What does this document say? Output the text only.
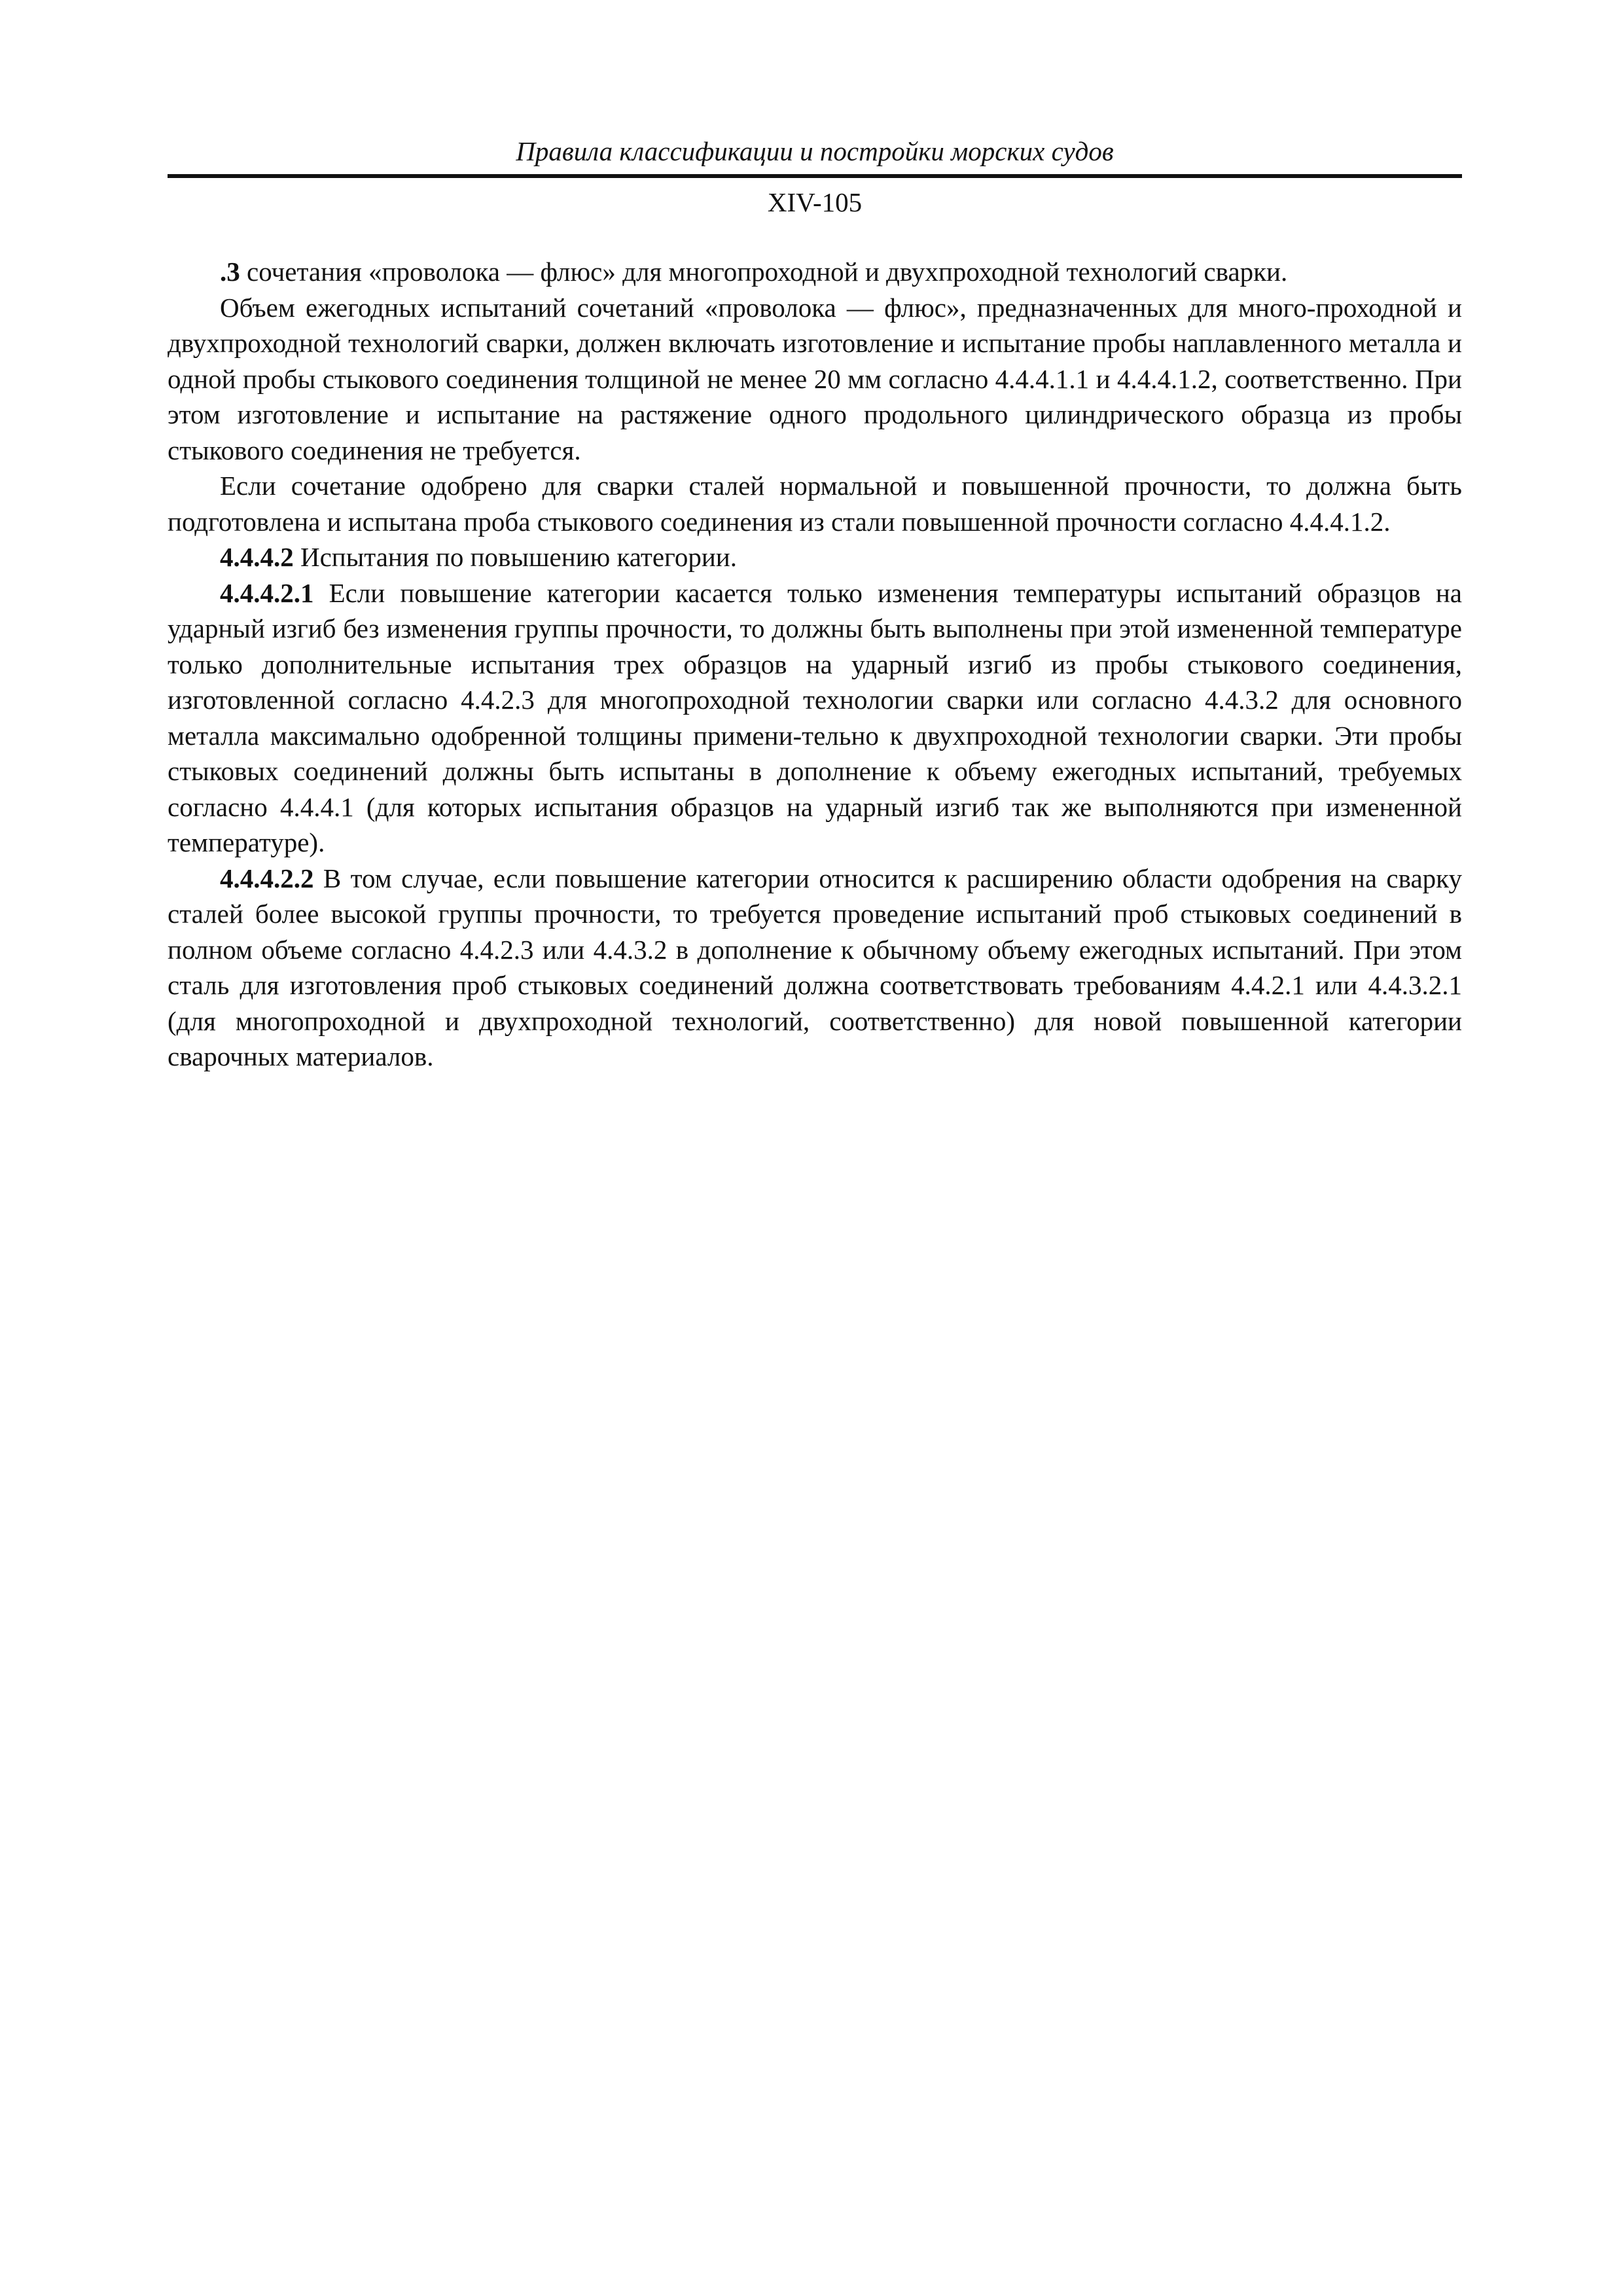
Правила классификации и постройки морских судов
XIV-105

.3 сочетания «проволока — флюс» для многопроходной и двухпроходной технологий сварки.

Объем ежегодных испытаний сочетаний «проволока — флюс», предназначенных для много-проходной и двухпроходной технологий сварки, должен включать изготовление и испытание пробы наплавленного металла и одной пробы стыкового соединения толщиной не менее 20 мм согласно 4.4.4.1.1 и 4.4.4.1.2, соответственно. При этом изготовление и испытание на растяжение одного продольного цилиндрического образца из пробы стыкового соединения не требуется.

Если сочетание одобрено для сварки сталей нормальной и повышенной прочности, то должна быть подготовлена и испытана проба стыкового соединения из стали повышенной прочности согласно 4.4.4.1.2.

4.4.4.2 Испытания по повышению категории.

4.4.4.2.1 Если повышение категории касается только изменения температуры испытаний образцов на ударный изгиб без изменения группы прочности, то должны быть выполнены при этой измененной температуре только дополнительные испытания трех образцов на ударный изгиб из пробы стыкового соединения, изготовленной согласно 4.4.2.3 для многопроходной технологии сварки или согласно 4.4.3.2 для основного металла максимально одобренной толщины примени-тельно к двухпроходной технологии сварки. Эти пробы стыковых соединений должны быть испытаны в дополнение к объему ежегодных испытаний, требуемых согласно 4.4.4.1 (для которых испытания образцов на ударный изгиб так же выполняются при измененной температуре).

4.4.4.2.2 В том случае, если повышение категории относится к расширению области одобрения на сварку сталей более высокой группы прочности, то требуется проведение испытаний проб стыковых соединений в полном объеме согласно 4.4.2.3 или 4.4.3.2 в дополнение к обычному объему ежегодных испытаний. При этом сталь для изготовления проб стыковых соединений должна соответствовать требованиям 4.4.2.1 или 4.4.3.2.1 (для многопроходной и двухпроходной технологий, соответственно) для новой повышенной категории сварочных материалов.
